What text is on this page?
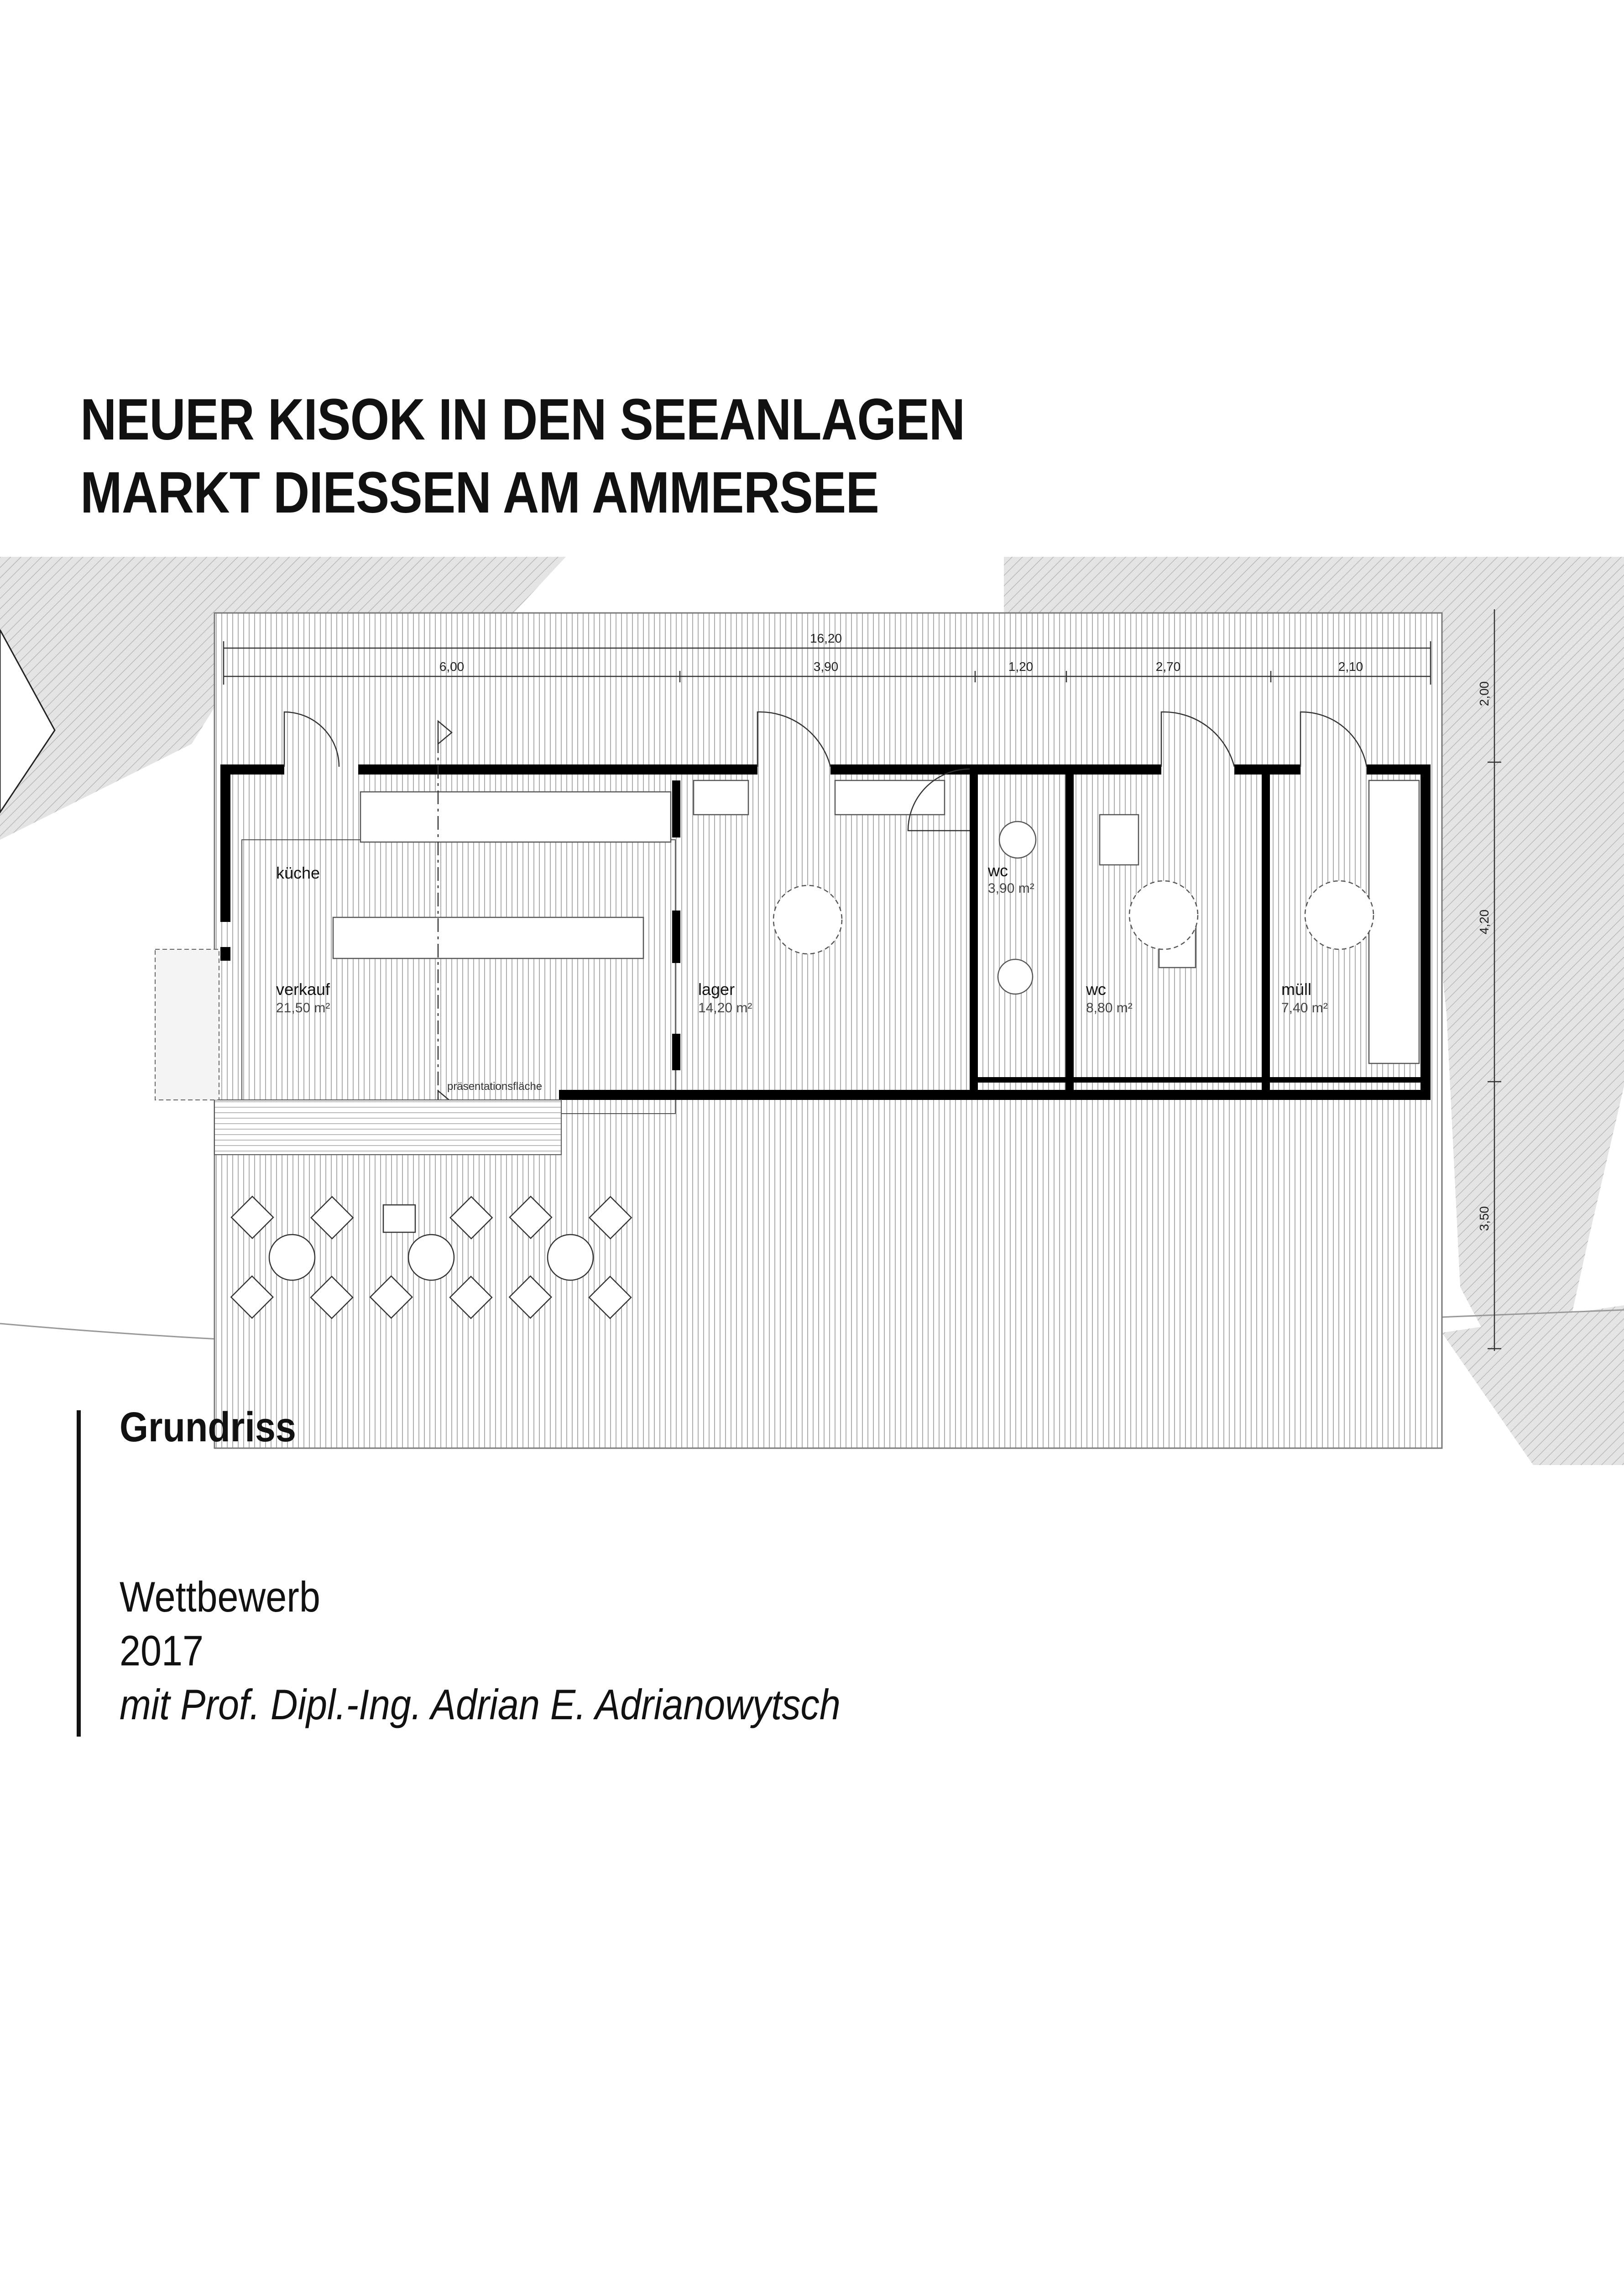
NEUER KISOK IN DEN SEEANLAGEN
MARKT DIESSEN AM AMMERSEE
16,20
6,00	3,90	1,20	2,70	2,10
2,00
4,20
3,50
präsentationsfläche
küche
verkauf
21,50 m²
lager
14,20 m²
wc
3,90 m²
wc
8,80 m²
müll
7,40 m²
Grundriss
Wettbewerb
2017
mit Prof. Dipl.-Ing. Adrian E. Adrianowytsch
